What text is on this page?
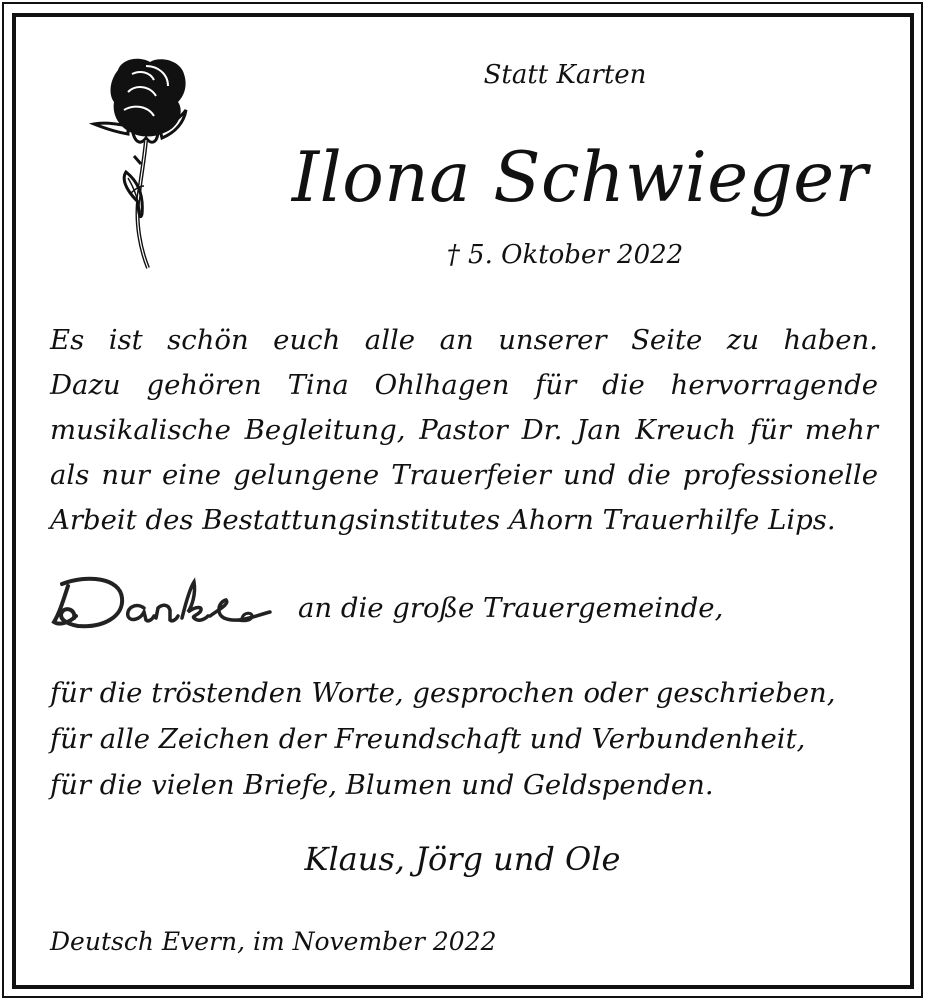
Statt Karten
Ilona Schwieger
† 5. Oktober 2022
Es ist schön euch alle an unserer Seite zu haben.
Dazu gehören Tina Ohlhagen für die hervorragende
musikalische Begleitung, Pastor Dr. Jan Kreuch für mehr
als nur eine gelungene Trauerfeier und die professionelle
Arbeit des Bestattungsinstitutes Ahorn Trauerhilfe Lips.
an die große Trauergemeinde,
für die tröstenden Worte, gesprochen oder geschrieben,
für alle Zeichen der Freundschaft und Verbundenheit,
für die vielen Briefe, Blumen und Geldspenden.
Klaus, Jörg und Ole
Deutsch Evern, im November 2022
